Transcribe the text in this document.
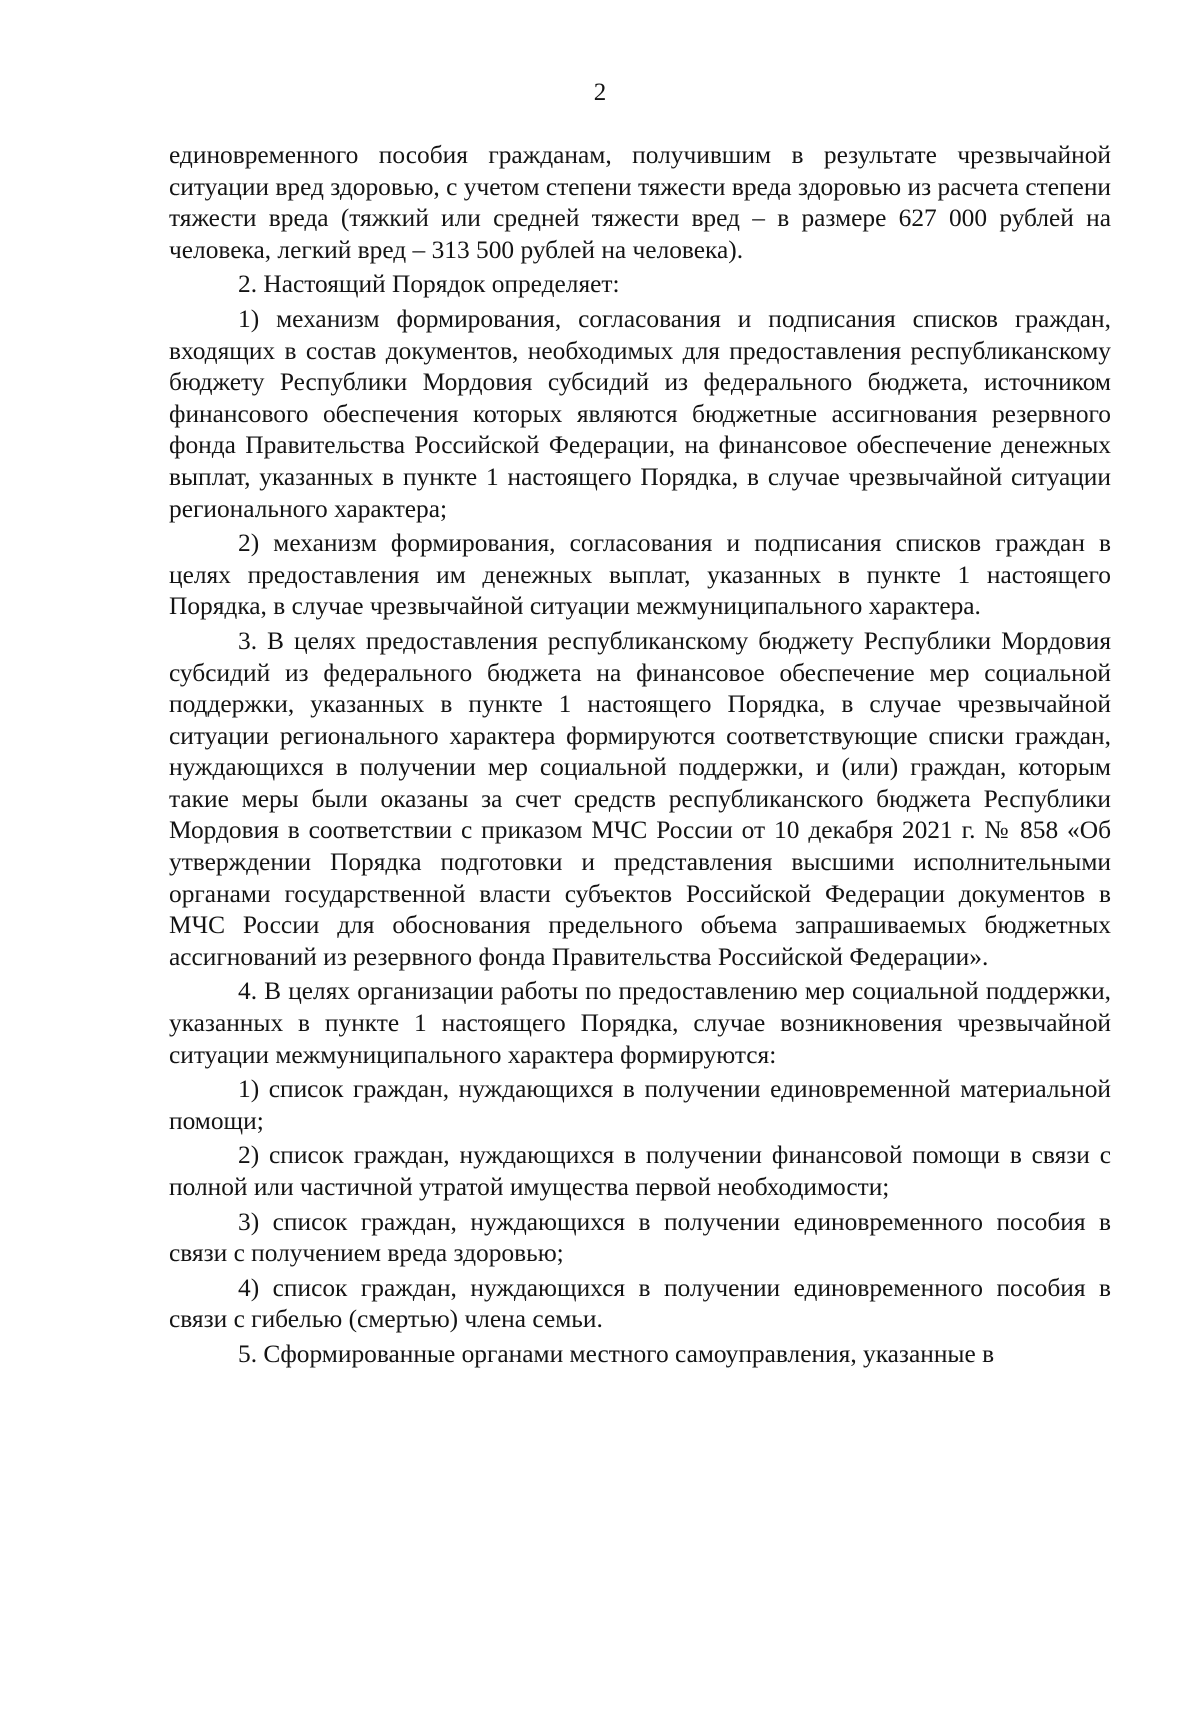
2

единовременного пособия гражданам, получившим в результате чрезвычайной ситуации вред здоровью, с учетом степени тяжести вреда здоровью из расчета степени тяжести вреда (тяжкий или средней тяжести вред – в размере 627 000 рублей на человека, легкий вред – 313 500 рублей на человека).

2. Настоящий Порядок определяет:

1) механизм формирования, согласования и подписания списков граждан, входящих в состав документов, необходимых для предоставления республиканскому бюджету Республики Мордовия субсидий из федерального бюджета, источником финансового обеспечения которых являются бюджетные ассигнования резервного фонда Правительства Российской Федерации, на финансовое обеспечение денежных выплат, указанных в пункте 1 настоящего Порядка, в случае чрезвычайной ситуации регионального характера;

2) механизм формирования, согласования и подписания списков граждан в целях предоставления им денежных выплат, указанных в пункте 1 настоящего Порядка, в случае чрезвычайной ситуации межмуниципального характера.

3. В целях предоставления республиканскому бюджету Республики Мордовия субсидий из федерального бюджета на финансовое обеспечение мер социальной поддержки, указанных в пункте 1 настоящего Порядка, в случае чрезвычайной ситуации регионального характера формируются соответствующие списки граждан, нуждающихся в получении мер социальной поддержки, и (или) граждан, которым такие меры были оказаны за счет средств республиканского бюджета Республики Мордовия в соответствии с приказом МЧС России от 10 декабря 2021 г. № 858 «Об утверждении Порядка подготовки и представления высшими исполнительными органами государственной власти субъектов Российской Федерации документов в МЧС России для обоснования предельного объема запрашиваемых бюджетных ассигнований из резервного фонда Правительства Российской Федерации».

4. В целях организации работы по предоставлению мер социальной поддержки, указанных в пункте 1 настоящего Порядка, случае возникновения чрезвычайной ситуации межмуниципального характера формируются:

1) список граждан, нуждающихся в получении единовременной материальной помощи;

2) список граждан, нуждающихся в получении финансовой помощи в связи с полной или частичной утратой имущества первой необходимости;

3) список граждан, нуждающихся в получении единовременного пособия в связи с получением вреда здоровью;

4) список граждан, нуждающихся в получении единовременного пособия в связи с гибелью (смертью) члена семьи.

5. Сформированные органами местного самоуправления, указанные в
